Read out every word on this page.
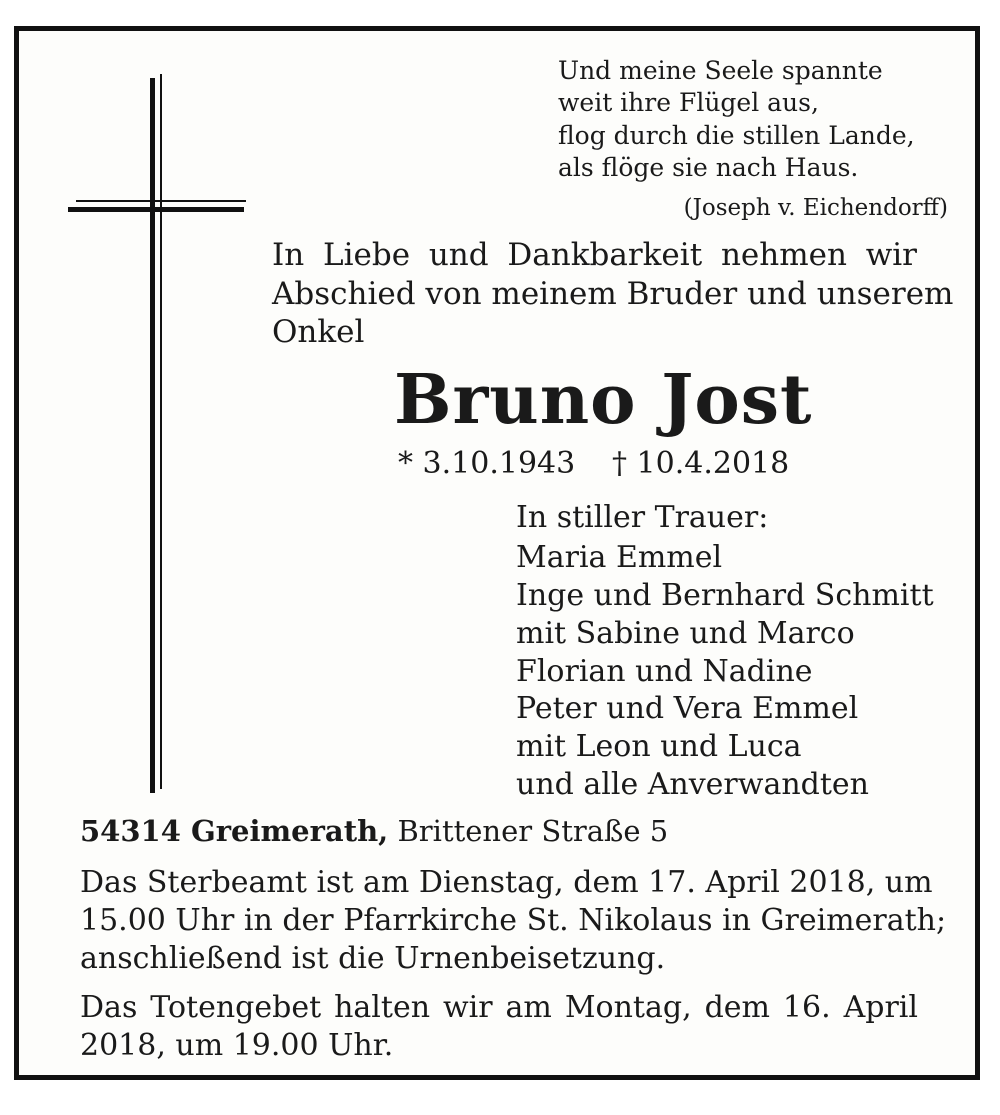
Und meine Seele spannte
weit ihre Flügel aus,
flog durch die stillen Lande,
als flöge sie nach Haus.
(Joseph v. Eichendorff)
In Liebe und Dankbarkeit nehmen wir
Abschied von meinem Bruder und unserem
Onkel
Bruno Jost
* 3.10.1943 † 10.4.2018
In stiller Trauer:
Maria Emmel
Inge und Bernhard Schmitt
mit Sabine und Marco
Florian und Nadine
Peter und Vera Emmel
mit Leon und Luca
und alle Anverwandten
54314 Greimerath, Brittener Straße 5
Das Sterbeamt ist am Dienstag, dem 17. April 2018, um
15.00 Uhr in der Pfarrkirche St. Nikolaus in Greimerath;
anschließend ist die Urnenbeisetzung.
Das Totengebet halten wir am Montag, dem 16. April
2018, um 19.00 Uhr.
